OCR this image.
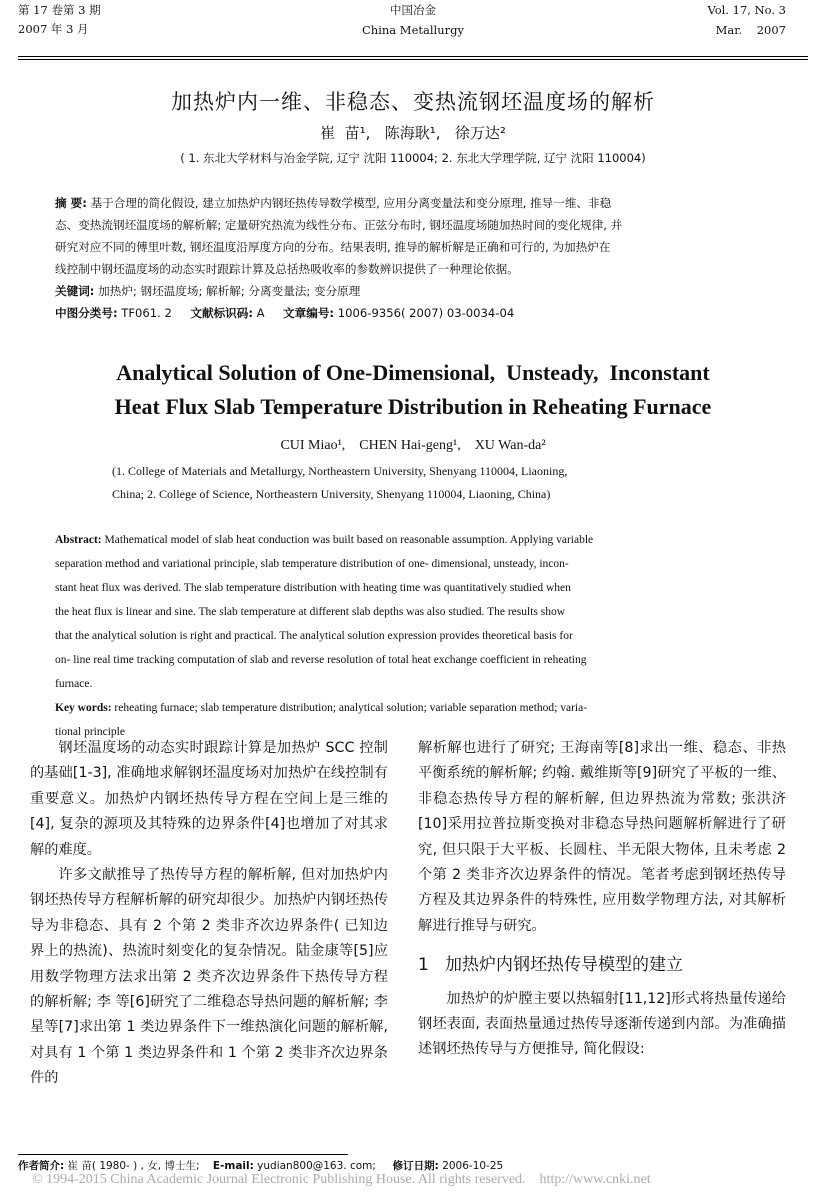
第 17 卷第 3 期
2007 年 3 月
中国冶金
China Metallurgy
Vol. 17, No. 3
Mar.    2007
加热炉内一维、非稳态、变热流钢坯温度场的解析
崔  苗¹,   陈海耿¹,   徐万达²
( 1. 东北大学材料与冶金学院, 辽宁 沈阳 110004; 2. 东北大学理学院, 辽宁 沈阳 110004)
摘 要: 基于合理的简化假设, 建立加热炉内钢坯热传导数学模型, 应用分离变量法和变分原理, 推导一维、非稳
态、变热流钢坯温度场的解析解; 定量研究热流为线性分布、正弦分布时, 钢坯温度场随加热时间的变化规律, 并
研究对应不同的傅里叶数, 钢坯温度沿厚度方向的分布。结果表明, 推导的解析解是正确和可行的, 为加热炉在
线控制中钢坯温度场的动态实时跟踪计算及总括热吸收率的参数辨识提供了一种理论依据。
关键词: 加热炉; 钢坯温度场; 解析解; 分离变量法; 变分原理
中图分类号: TF061. 2 文献标识码: A 文章编号: 1006-9356( 2007) 03-0034-04
Analytical Solution of One-Dimensional,  Unsteady,  Inconstant
Heat Flux Slab Temperature Distribution in Reheating Furnace
CUI Miao¹,    CHEN Hai-geng¹,    XU Wan-da²
(1. College of Materials and Metallurgy, Northeastern University, Shenyang 110004, Liaoning,
China; 2. College of Science, Northeastern University, Shenyang 110004, Liaoning, China)
Abstract: Mathematical model of slab heat conduction was built based on reasonable assumption. Applying variable
separation method and variational principle, slab temperature distribution of one- dimensional, unsteady, incon-
stant heat flux was derived. The slab temperature distribution with heating time was quantitatively studied when
the heat flux is linear and sine. The slab temperature at different slab depths was also studied. The results show
that the analytical solution is right and practical. The analytical solution expression provides theoretical basis for
on- line real time tracking computation of slab and reverse resolution of total heat exchange coefficient in reheating
furnace.
Key words: reheating furnace; slab temperature distribution; analytical solution; variable separation method; varia-
tional principle

钢坯温度场的动态实时跟踪计算是加热炉 SCC 控制的基础[1-3], 准确地求解钢坯温度场对加热炉在线控制有重要意义。加热炉内钢坯热传导方程在空间上是三维的[4], 复杂的源项及其特殊的边界条件[4]也增加了对其求解的难度。

许多文献推导了热传导方程的解析解, 但对加热炉内钢坯热传导方程解析解的研究却很少。加热炉内钢坯热传导为非稳态、具有 2 个第 2 类非齐次边界条件( 已知边界上的热流)、热流时刻变化的复杂情况。陆金康等[5]应用数学物理方法求出第 2 类齐次边界条件下热传导方程的解析解; 李 等[6]研究了二维稳态导热问题的解析解; 李星等[7]求出第 1 类边界条件下一维热演化问题的解析解, 对具有 1 个第 1 类边界条件和 1 个第 2 类非齐次边界条件的

解析解也进行了研究; 王海南等[8]求出一维、稳态、非热平衡系统的解析解; 约翰. 戴维斯等[9]研究了平板的一维、非稳态热传导方程的解析解, 但边界热流为常数; 张洪济[10]采用拉普拉斯变换对非稳态导热问题解析解进行了研究, 但只限于大平板、长圆柱、半无限大物体, 且未考虑 2 个第 2 类非齐次边界条件的情况。笔者考虑到钢坯热传导方程及其边界条件的特殊性, 应用数学物理方法, 对其解析解进行推导与研究。

1 加热炉内钢坯热传导模型的建立

加热炉的炉膛主要以热辐射[11,12]形式将热量传递给钢坯表面, 表面热量通过热传导逐渐传递到内部。为准确描述钢坯热传导与方便推导, 简化假设:

作者简介: 崔 苗( 1980- ) , 女, 博士生; E-mail: yudian800@163. com; 修订日期: 2006-10-25
© 1994-2015 China Academic Journal Electronic Publishing House. All rights reserved.    http://www.cnki.net
